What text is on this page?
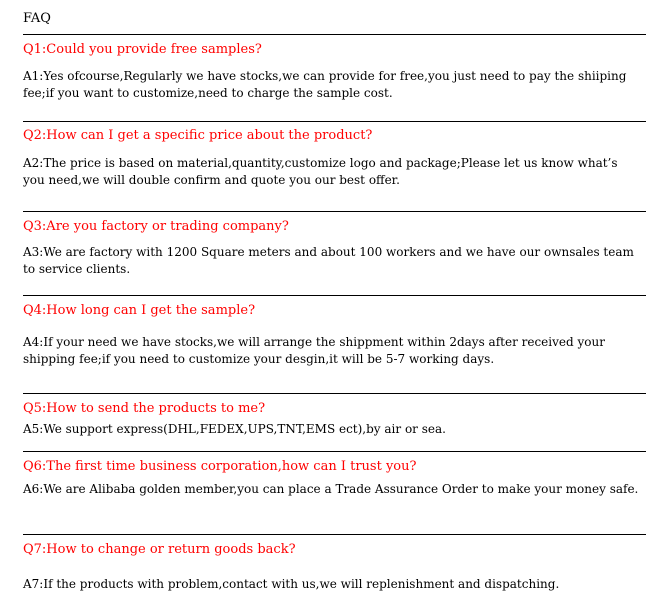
FAQ
Q1:Could you provide free samples?
A1:Yes ofcourse,Regularly we have stocks,we can provide for free,you just need to pay the shiiping fee;if you want to customize,need to charge the sample cost.
Q2:How can I get a specific price about the product?
A2:The price is based on material,quantity,customize logo and package;Please let us know what’s you need,we will double confirm and quote you our best offer.
Q3:Are you factory or trading company?
A3:We are factory with 1200 Square meters and about 100 workers and we have our ownsales team to service clients.
Q4:How long can I get the sample?
A4:If your need we have stocks,we will arrange the shippment within 2days after received your shipping fee;if you need to customize your desgin,it will be 5-7 working days.
Q5:How to send the products to me?
A5:We support express(DHL,FEDEX,UPS,TNT,EMS ect),by air or sea.
Q6:The first time business corporation,how can I trust you?
A6:We are Alibaba golden member,you can place a Trade Assurance Order to make your money safe.
Q7:How to change or return goods back?
A7:If the products with problem,contact with us,we will replenishment and dispatching.
